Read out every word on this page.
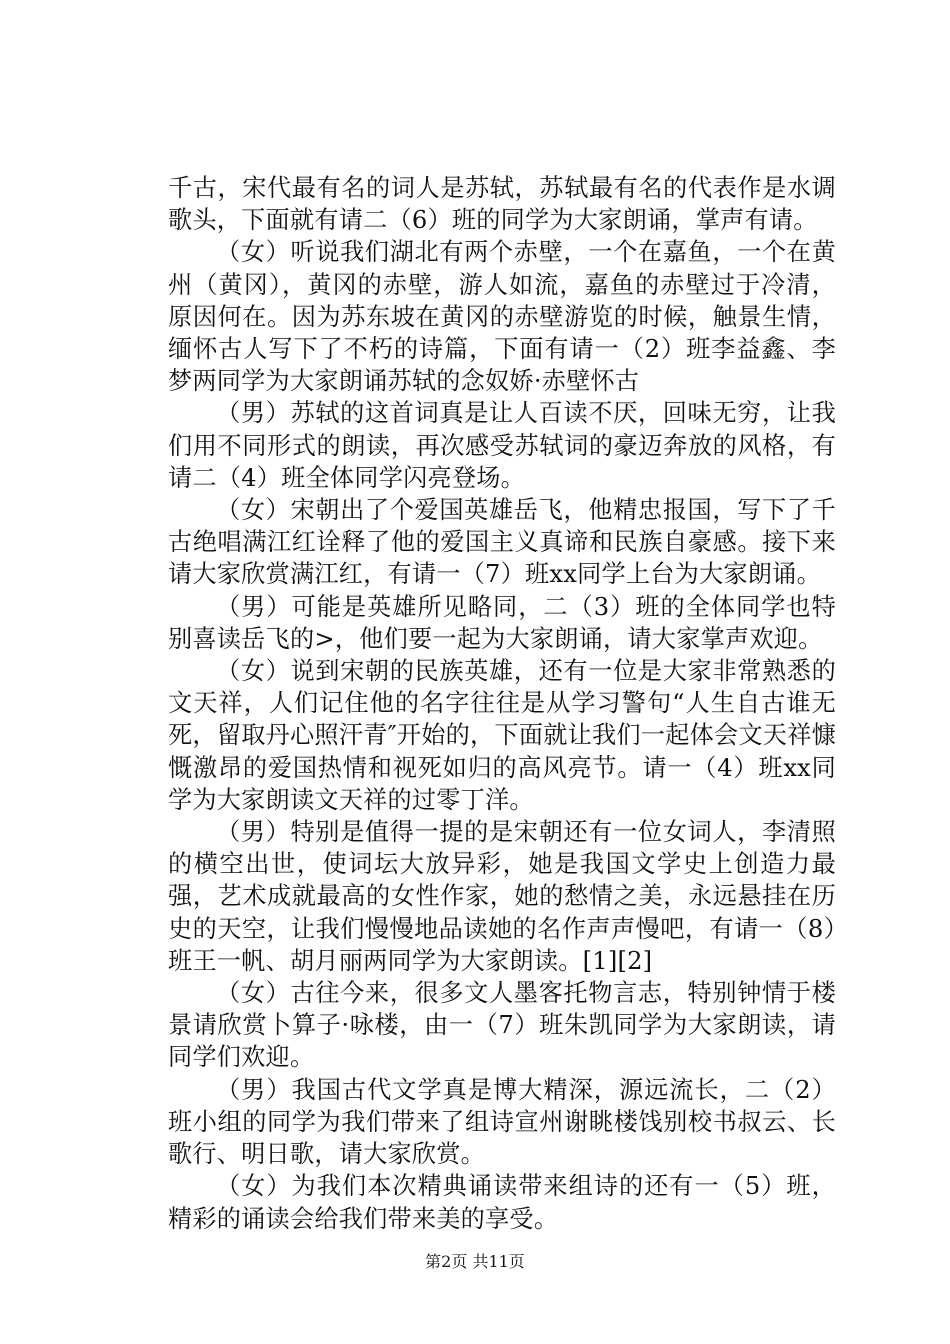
千古，宋代最有名的词人是苏轼，苏轼最有名的代表作是水调歌头，下面就有请二（6）班的同学为大家朗诵，掌声有请。

（女）听说我们湖北有两个赤壁，一个在嘉鱼，一个在黄州（黄冈），黄冈的赤壁，游人如流，嘉鱼的赤壁过于冷清，原因何在。因为苏东坡在黄冈的赤壁游览的时候，触景生情，缅怀古人写下了不朽的诗篇，下面有请一（2）班李益鑫、李梦两同学为大家朗诵苏轼的念奴娇·赤壁怀古

（男）苏轼的这首词真是让人百读不厌，回味无穷，让我们用不同形式的朗读，再次感受苏轼词的豪迈奔放的风格，有请二（4）班全体同学闪亮登场。

（女）宋朝出了个爱国英雄岳飞，他精忠报国，写下了千古绝唱满江红诠释了他的爱国主义真谛和民族自豪感。接下来请大家欣赏满江红，有请一（7）班xx同学上台为大家朗诵。

（男）可能是英雄所见略同，二（3）班的全体同学也特别喜读岳飞的>，他们要一起为大家朗诵，请大家掌声欢迎。

（女）说到宋朝的民族英雄，还有一位是大家非常熟悉的文天祥，人们记住他的名字往往是从学习警句“人生自古谁无死，留取丹心照汗青″开始的，下面就让我们一起体会文天祥慷慨激昂的爱国热情和视死如归的高风亮节。请一（4）班xx同学为大家朗读文天祥的过零丁洋。

（男）特别是值得一提的是宋朝还有一位女词人，李清照的横空出世，使词坛大放异彩，她是我国文学史上创造力最强，艺术成就最高的女性作家，她的愁情之美，永远悬挂在历史的天空，让我们慢慢地品读她的名作声声慢吧，有请一（8）班王一帆、胡月丽两同学为大家朗读。[1][2]

（女）古往今来，很多文人墨客托物言志，特别钟情于楼景请欣赏卜算子·咏楼，由一（7）班朱凯同学为大家朗读，请同学们欢迎。

（男）我国古代文学真是博大精深，源远流长，二（2）班小组的同学为我们带来了组诗宣州谢眺楼饯别校书叔云、长歌行、明日歌，请大家欣赏。

（女）为我们本次精典诵读带来组诗的还有一（5）班，精彩的诵读会给我们带来美的享受。

第2页 共11页
